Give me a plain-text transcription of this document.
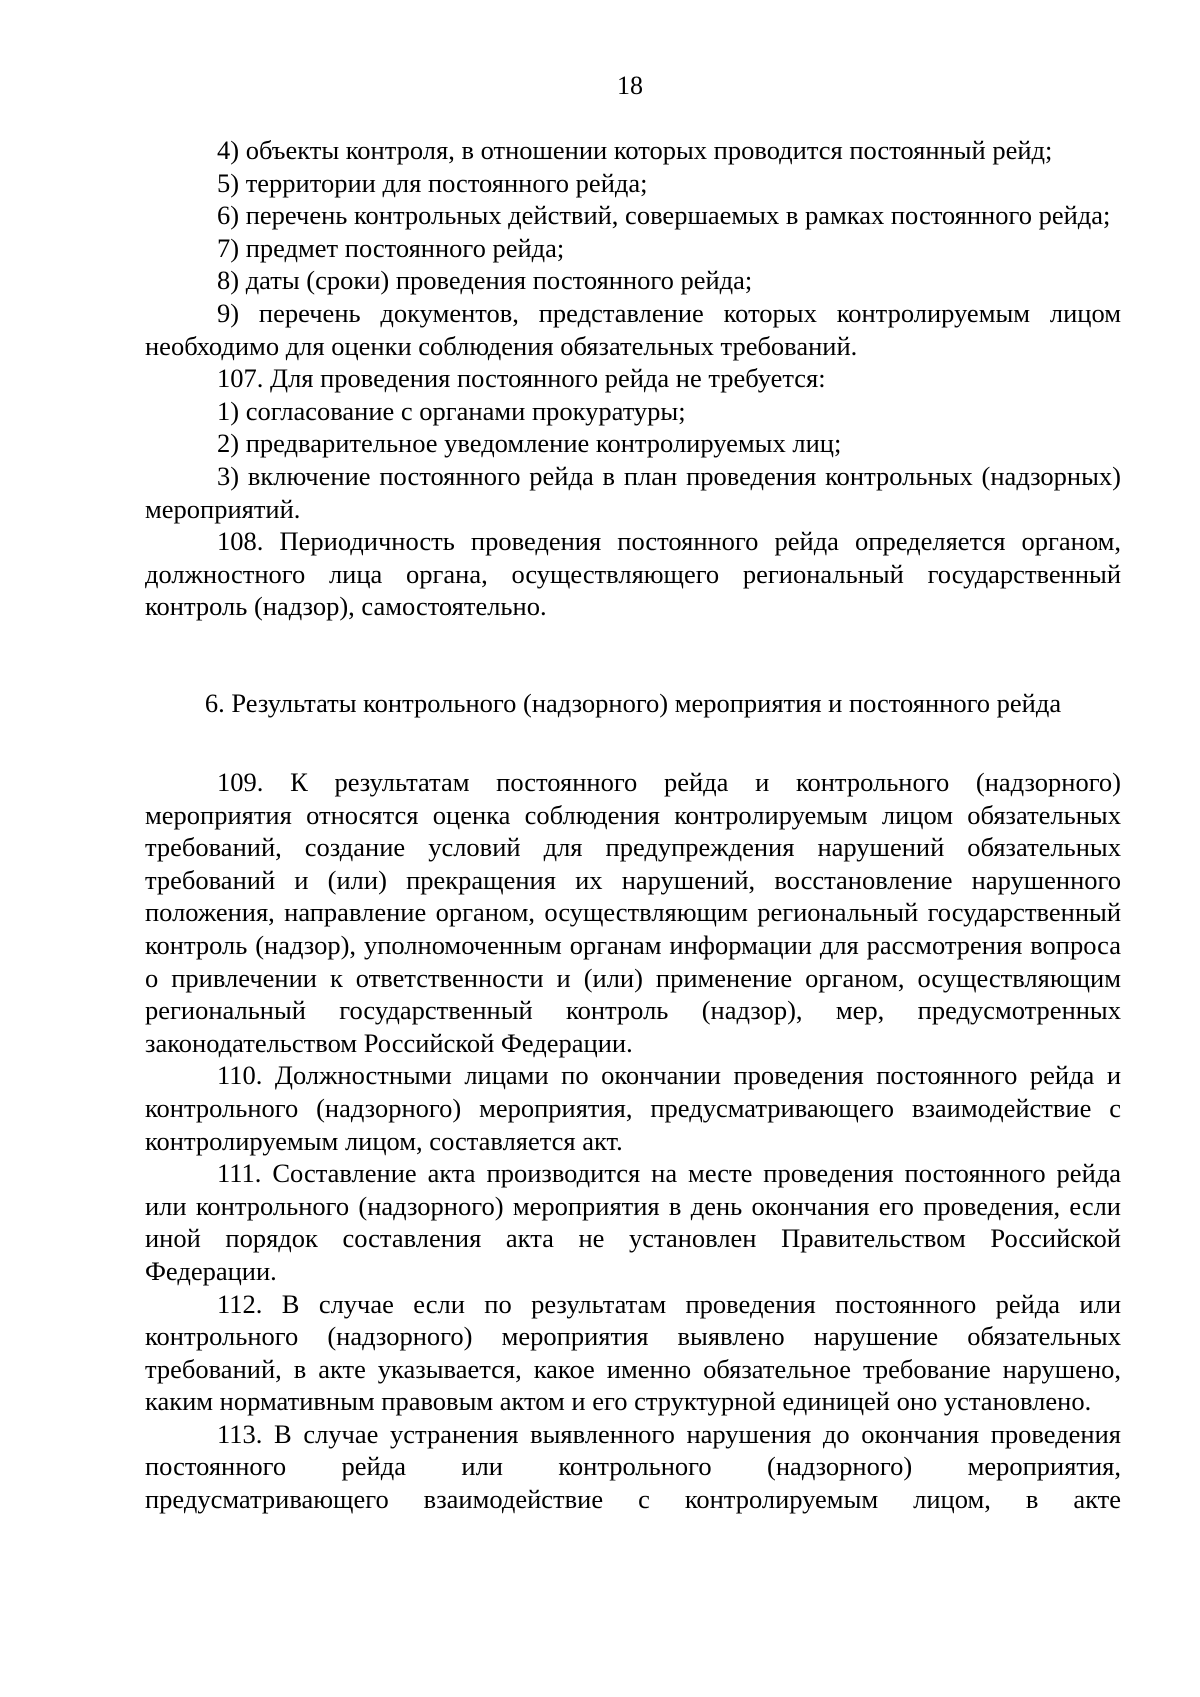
18

4) объекты контроля, в отношении которых проводится постоянный рейд;

5) территории для постоянного рейда;

6) перечень контрольных действий, совершаемых в рамках постоянного рейда;

7) предмет постоянного рейда;

8) даты (сроки) проведения постоянного рейда;

9) перечень документов, представление которых контролируемым лицом необходимо для оценки соблюдения обязательных требований.

107. Для проведения постоянного рейда не требуется:

1) согласование с органами прокуратуры;

2) предварительное уведомление контролируемых лиц;

3) включение постоянного рейда в план проведения контрольных (надзорных) мероприятий.

108. Периодичность проведения постоянного рейда определяется органом, должностного лица органа, осуществляющего региональный государственный контроль (надзор), самостоятельно.

6. Результаты контрольного (надзорного) мероприятия и постоянного рейда

109. К результатам постоянного рейда и контрольного (надзорного) мероприятия относятся оценка соблюдения контролируемым лицом обязательных требований, создание условий для предупреждения нарушений обязательных требований и (или) прекращения их нарушений, восстановление нарушенного положения, направление органом, осуществляющим региональный государственный контроль (надзор), уполномоченным органам информации для рассмотрения вопроса о привлечении к ответственности и (или) применение органом, осуществляющим региональный государственный контроль (надзор), мер, предусмотренных законодательством Российской Федерации.

110. Должностными лицами по окончании проведения постоянного рейда и контрольного (надзорного) мероприятия, предусматривающего взаимодействие с контролируемым лицом, составляется акт.

111. Составление акта производится на месте проведения постоянного рейда или контрольного (надзорного) мероприятия в день окончания его проведения, если иной порядок составления акта не установлен Правительством Российской Федерации.

112. В случае если по результатам проведения постоянного рейда или контрольного (надзорного) мероприятия выявлено нарушение обязательных требований, в акте указывается, какое именно обязательное требование нарушено, каким нормативным правовым актом и его структурной единицей оно установлено.

113. В случае устранения выявленного нарушения до окончания проведения постоянного рейда или контрольного (надзорного) мероприятия, предусматривающего взаимодействие с контролируемым лицом, в акте
